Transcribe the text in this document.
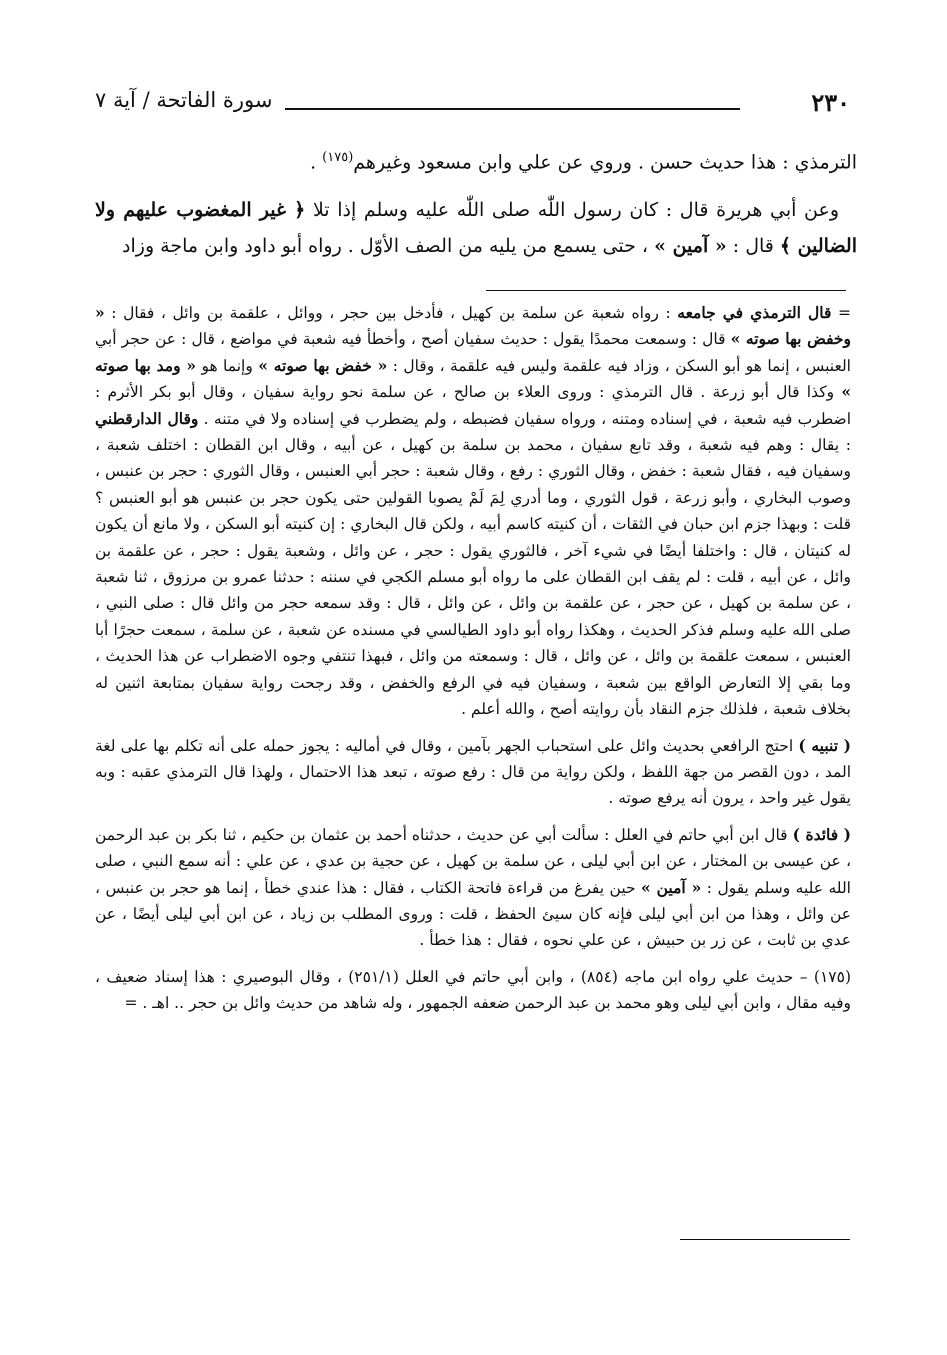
٢٣٠
سورة الفاتحة / آية ٧

الترمذي : هذا حديث حسن . وروي عن علي وابن مسعود وغيرهم$^{(١٧٥)}$ .

وعن أبي هريرة قال : كان رسول اللّٰه صلى اللّٰه عليه وسلم إذا تلا ﴿ غير المغضوب عليهم ولا الضالين ﴾ قال : « آمين » ، حتى يسمع من يليه من الصف الأوّل . رواه أبو داود وابن ماجة وزاد

= قال الترمذي في جامعه : رواه شعبة عن سلمة بن كهيل ، فأدخل بين حجر ، ووائل ، علقمة بن وائل ، فقال : « وخفض بها صوته » قال : وسمعت محمدًا يقول : حديث سفيان أصح ، وأخطأ فيه شعبة في مواضع ، قال : عن حجر أبي العنبس ، إنما هو أبو السكن ، وزاد فيه علقمة وليس فيه علقمة ، وقال : « خفض بها صوته » وإنما هو « ومد بها صوته » وكذا قال أبو زرعة . قال الترمذي : وروى العلاء بن صالح ، عن سلمة نحو رواية سفيان ، وقال أبو بكر الأثرم : اضطرب فيه شعبة ، في إسناده ومتنه ، ورواه سفيان فضبطه ، ولم يضطرب في إسناده ولا في متنه . وقال الدارقطني : يقال : وهم فيه شعبة ، وقد تابع سفيان ، محمد بن سلمة بن كهيل ، عن أبيه ، وقال ابن القطان : اختلف شعبة ، وسفيان فيه ، فقال شعبة : خفض ، وقال الثوري : رفع ، وقال شعبة : حجر أبي العنبس ، وقال الثوري : حجر بن عنبس ، وصوب البخاري ، وأبو زرعة ، قول الثوري ، وما أدري لِمَ لَمْ يصوبا القولين حتى يكون حجر بن عنبس هو أبو العنبس ؟ قلت : وبهذا جزم ابن حبان في الثقات ، أن كنيته كاسم أبيه ، ولكن قال البخاري : إن كنيته أبو السكن ، ولا مانع أن يكون له كنيتان ، قال : واختلفا أيضًا في شيء آخر ، فالثوري يقول : حجر ، عن وائل ، وشعبة يقول : حجر ، عن علقمة بن وائل ، عن أبيه ، قلت : لم يقف ابن القطان على ما رواه أبو مسلم الكجي في سننه : حدثنا عمرو بن مرزوق ، ثنا شعبة ، عن سلمة بن كهيل ، عن حجر ، عن علقمة بن وائل ، عن وائل ، قال : وقد سمعه حجر من وائل قال : صلى النبي ، صلى الله عليه وسلم فذكر الحديث ، وهكذا رواه أبو داود الطيالسي في مسنده عن شعبة ، عن سلمة ، سمعت حجرًا أبا العنبس ، سمعت علقمة بن وائل ، عن وائل ، قال : وسمعته من وائل ، فبهذا تنتفي وجوه الاضطراب عن هذا الحديث ، وما بقي إلا التعارض الواقع بين شعبة ، وسفيان فيه في الرفع والخفض ، وقد رجحت رواية سفيان بمتابعة اثنين له بخلاف شعبة ، فلذلك جزم النقاد بأن روايته أصح ، والله أعلم .

( تنبيه ) احتج الرافعي بحديث وائل على استحباب الجهر بآمين ، وقال في أماليه : يجوز حمله على أنه تكلم بها على لغة المد ، دون القصر من جهة اللفظ ، ولكن رواية من قال : رفع صوته ، تبعد هذا الاحتمال ، ولهذا قال الترمذي عقبه : وبه يقول غير واحد ، يرون أنه يرفع صوته .

( فائدة ) قال ابن أبي حاتم في العلل : سألت أبي عن حديث ، حدثناه أحمد بن عثمان بن حكيم ، ثنا بكر بن عبد الرحمن ، عن عيسى بن المختار ، عن ابن أبي ليلى ، عن سلمة بن كهيل ، عن حجية بن عدي ، عن علي : أنه سمع النبي ، صلى الله عليه وسلم يقول : « آمين » حين يفرغ من قراءة فاتحة الكتاب ، فقال : هذا عندي خطأ ، إنما هو حجر بن عنبس ، عن وائل ، وهذا من ابن أبي ليلى فإنه كان سيئ الحفظ ، قلت : وروى المطلب بن زياد ، عن ابن أبي ليلى أيضًا ، عن عدي بن ثابت ، عن زر بن حبيش ، عن علي نحوه ، فقال : هذا خطأ .

(١٧٥) – حديث علي رواه ابن ماجه (٨٥٤) ، وابن أبي حاتم في العلل (٢٥١/١) ، وقال البوصيري : هذا إسناد ضعيف ، وفيه مقال ، وابن أبي ليلى وهو محمد بن عبد الرحمن ضعفه الجمهور ، وله شاهد من حديث وائل بن حجر .. اهـ . =
